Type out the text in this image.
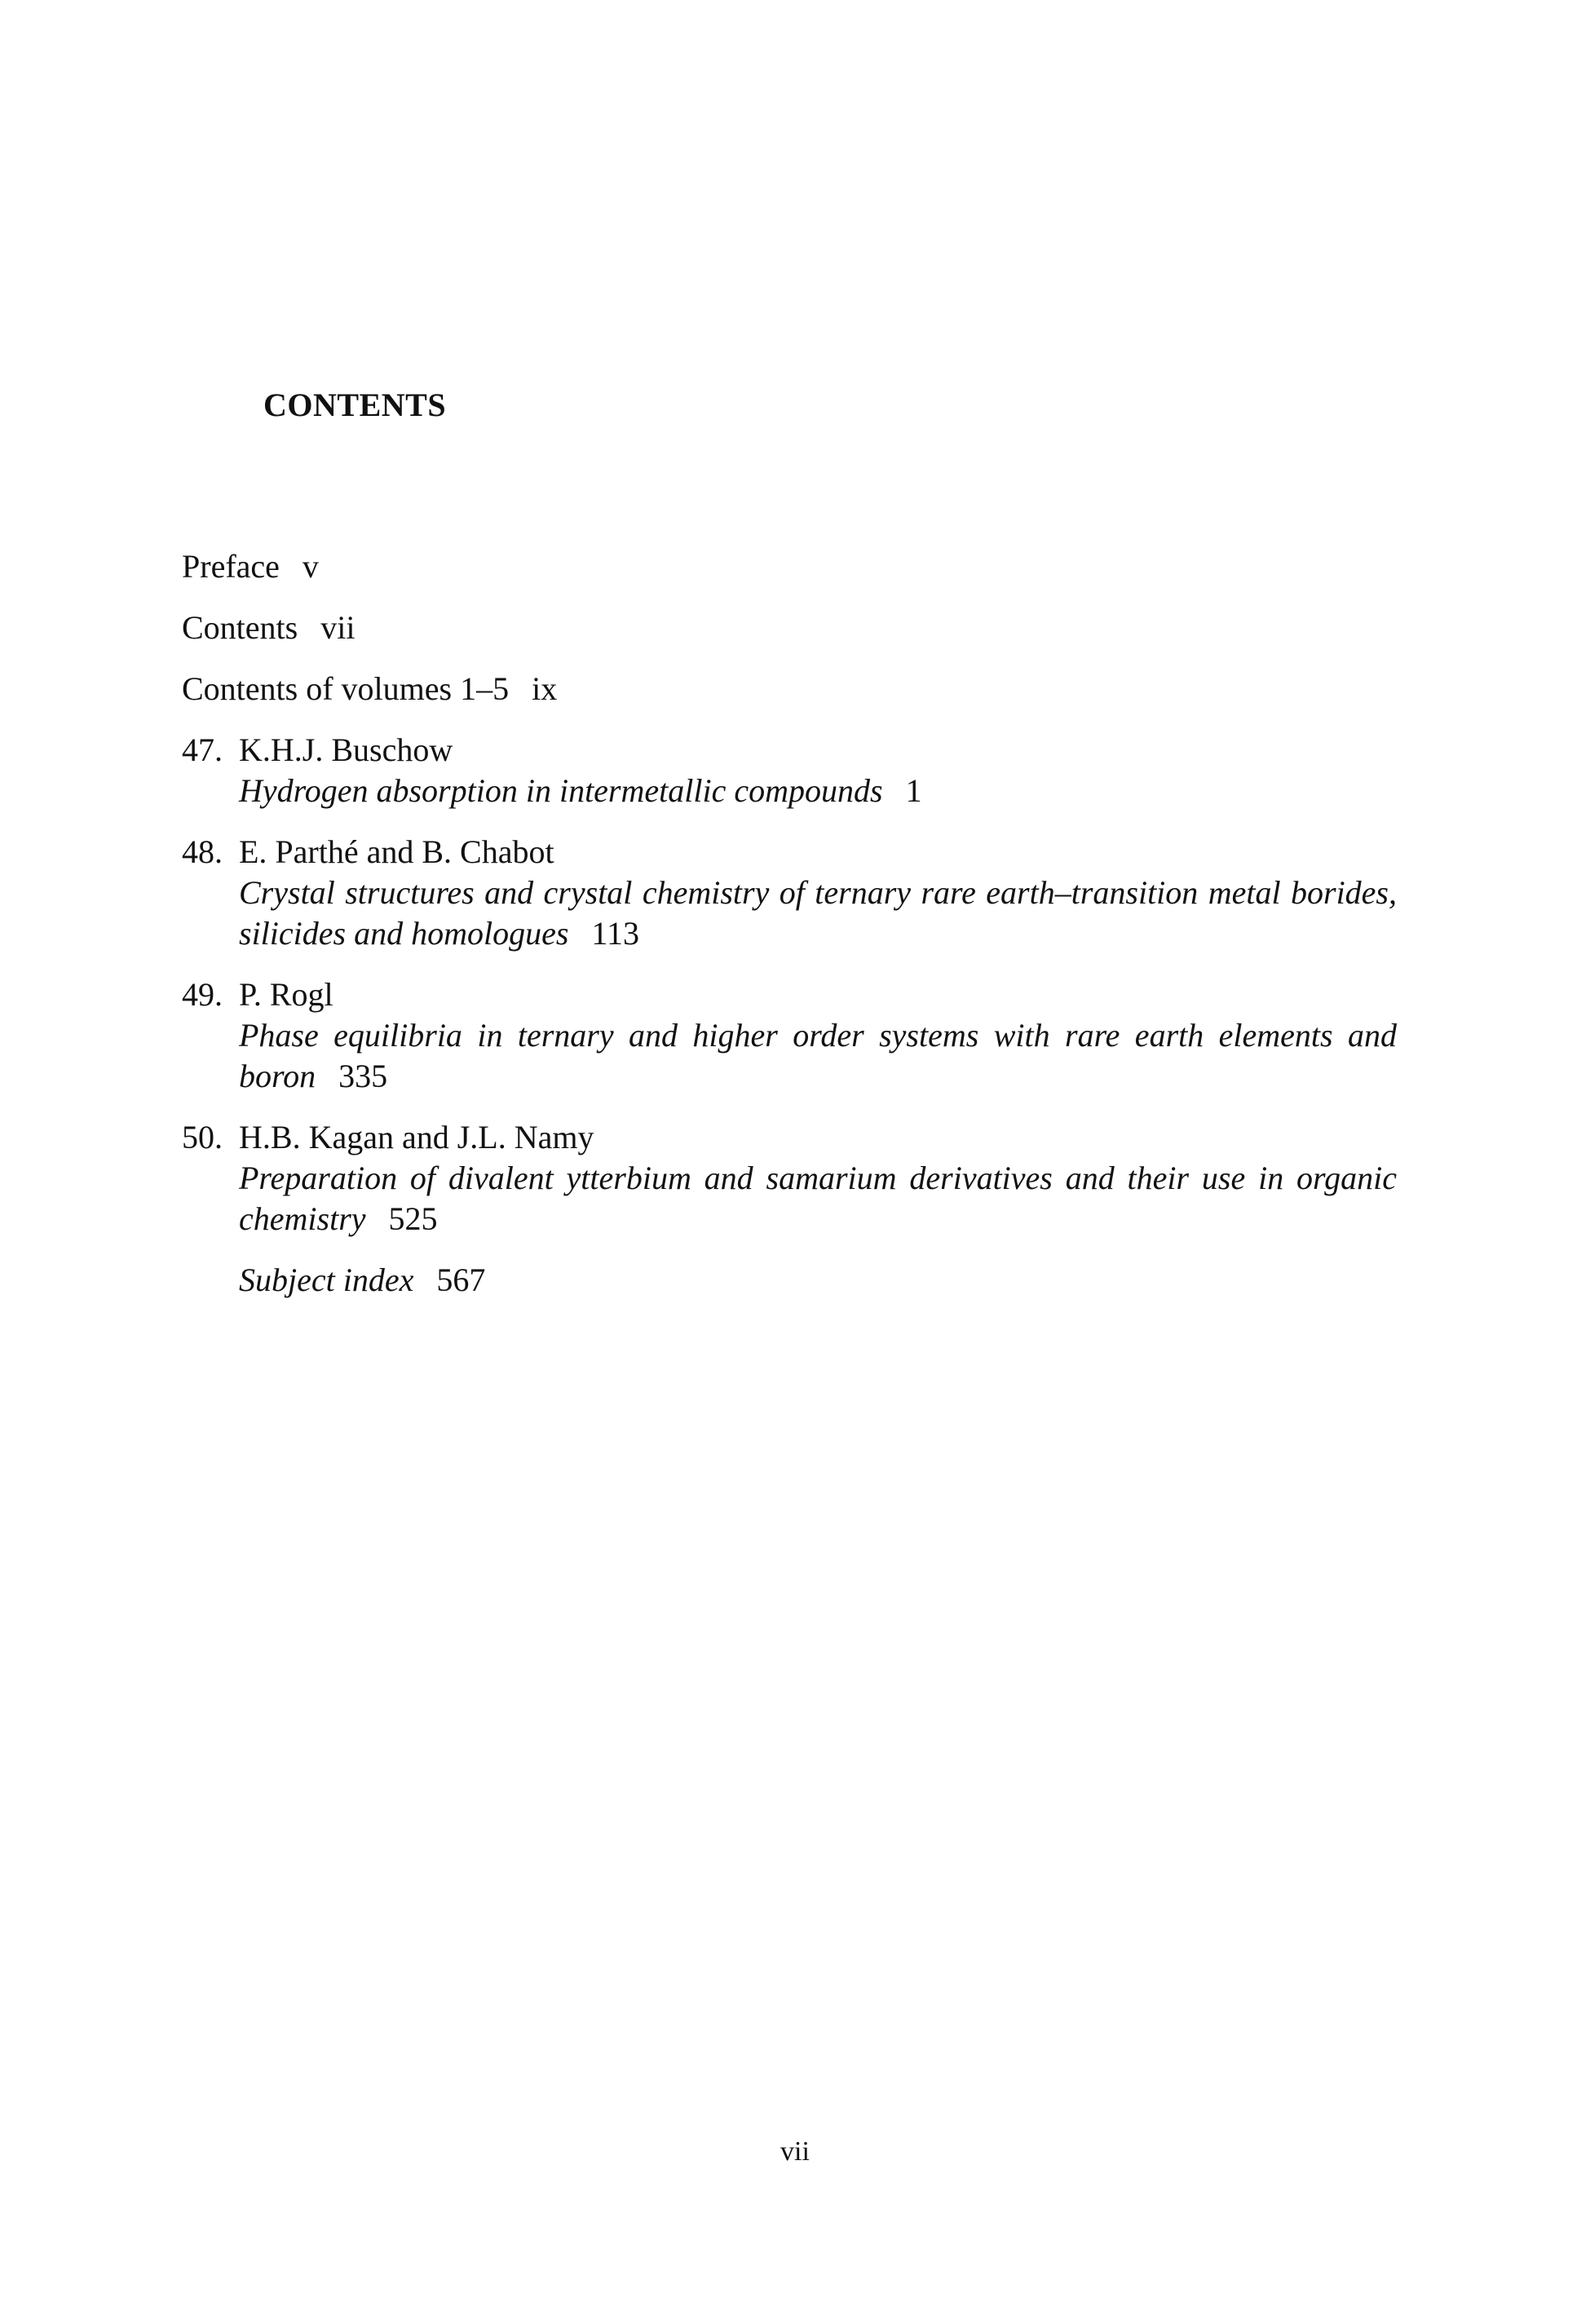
CONTENTS
Preface v
Contents vii
Contents of volumes 1–5 ix
47. K.H.J. Buschow
Hydrogen absorption in intermetallic compounds 1
48. E. Parthé and B. Chabot
Crystal structures and crystal chemistry of ternary rare earth–transition metal borides, silicides and homologues 113
49. P. Rogl
Phase equilibria in ternary and higher order systems with rare earth elements and boron 335
50. H.B. Kagan and J.L. Namy
Preparation of divalent ytterbium and samarium derivatives and their use in organic chemistry 525
Subject index 567
vii
